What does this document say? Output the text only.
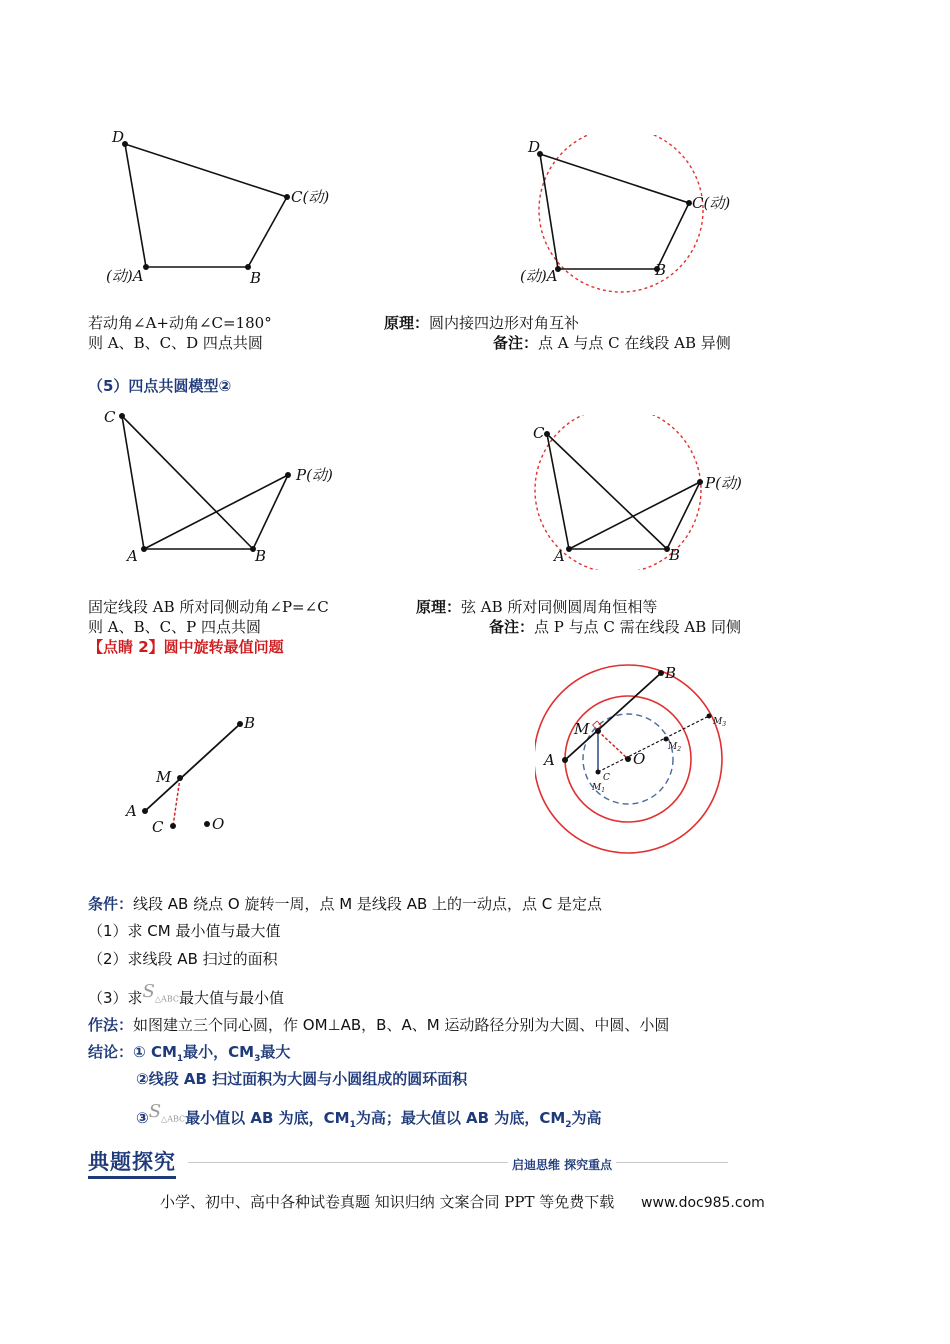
D
C(动)
B
(动)A
D
C(动)
B
(动)A
若动角∠A+动角∠C=180°
则 A、B、C、D 四点共圆
原理：圆内接四边形对角互补
备注：点 A 与点 C 在线段 AB 异侧
（5）四点共圆模型②
C
P(动)
A	B
C
P(动)
A	B
固定线段 AB 所对同侧动角∠P=∠C
则 A、B、C、P 四点共圆
原理：弦 AB 所对同侧圆周角恒相等
备注：点 P 与点 C 需在线段 AB 同侧
【点睛 2】圆中旋转最值问题
B
M
A
C	O
B
M
A	O
C
$M_1$
$M_2$
$M_3$
条件：线段 AB 绕点 O 旋转一周，点 M 是线段 AB 上的一动点，点 C 是定点
（1）求 CM 最小值与最大值
（2）求线段 AB 扫过的面积
（3）求$S_{\triangle ABC}$最大值与最小值
作法：如图建立三个同心圆，作 OM⊥AB，B、A、M 运动路径分别为大圆、中圆、小圆
结论：① $CM_1$最小，$CM_3$最大
②线段 AB 扫过面积为大圆与小圆组成的圆环面积
$③S_{\triangle ABC}$最小值以 AB 为底，$CM_1$为高；最大值以 AB 为底，$CM_2$为高
典题探究	启迪思维 探究重点
小学、初中、高中各种试卷真题 知识归纳 文案合同 PPT 等免费下载 www.doc985.com
